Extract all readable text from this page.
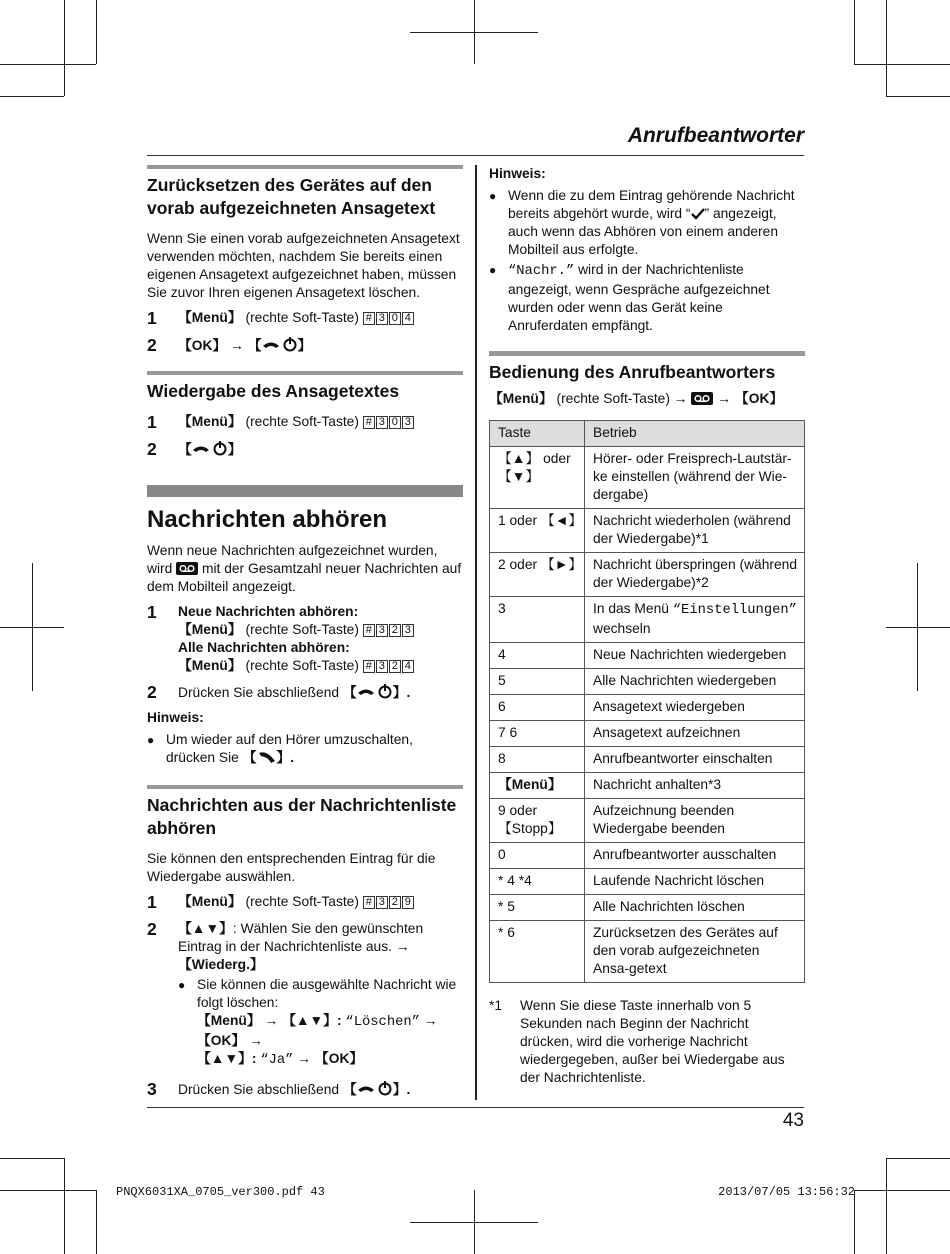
Anrufbeantworter
Zurücksetzen des Gerätes auf den vorab aufgezeichneten Ansagetext

Wenn Sie einen vorab aufgezeichneten Ansagetext verwenden möchten, nachdem Sie bereits einen eigenen Ansagetext aufgezeichnet haben, müssen Sie zuvor Ihren eigenen Ansagetext löschen.

1	【Menü】 (rechte Soft-Taste) # 3 0 4
2	【OK】 → 【	】
Wiedergabe des Ansagetextes
1	【Menü】 (rechte Soft-Taste) # 3 0 3
2	【	】
Nachrichten abhören

Wenn neue Nachrichten aufgezeichnet wurden, wird mit der Gesamtzahl neuer Nachrichten auf dem Mobilteil angezeigt.

1	Neue Nachrichten abhören:
【Menü】 (rechte Soft-Taste) # 3 2 3
Alle Nachrichten abhören:
【Menü】 (rechte Soft-Taste) # 3 2 4
2	Drücken Sie abschließend 【	】.
Hinweis:
● Um wieder auf den Hörer umzuschalten, drücken Sie 【 】.
Nachrichten aus der Nachrichtenliste abhören

Sie können den entsprechenden Eintrag für die Wiedergabe auswählen.

1	【Menü】 (rechte Soft-Taste) # 3 2 9
2	【▲▼】: Wählen Sie den gewünschten Eintrag in der Nachrichtenliste aus. → 【Wiederg.】
● Sie können die ausgewählte Nachricht wie folgt löschen:
【Menü】 → 【▲▼】: “Löschen” → 【OK】 →
【▲▼】: “Ja” → 【OK】
3	Drücken Sie abschließend 【	】.
Hinweis:
● Wenn die zu dem Eintrag gehörende Nachricht bereits abgehört wurde, wird “ ” angezeigt, auch wenn das Abhören von einem anderen Mobilteil aus erfolgte.
● “Nachr.” wird in der Nachrichtenliste angezeigt, wenn Gespräche aufgezeichnet wurden oder wenn das Gerät keine Anruferdaten empfängt.
Bedienung des Anrufbeantworters
【Menü】 (rechte Soft-Taste) → → 【OK】
Taste	Betrieb
【▲】 oder 【▼】	Hörer- oder Freisprech-Lautstär-ke einstellen (während der Wie-dergabe)
1 oder 【◄】	Nachricht wiederholen (während der Wiedergabe)*1
2 oder 【►】	Nachricht überspringen (während der Wiedergabe)*2
3	In das Menü “Einstellungen” wechseln
4	Neue Nachrichten wiedergeben
5	Alle Nachrichten wiedergeben
6	Ansagetext wiedergeben
7 6	Ansagetext aufzeichnen
8	Anrufbeantworter einschalten
【Menü】	Nachricht anhalten*3
9 oder 【Stopp】	Aufzeichnung beenden Wiedergabe beenden
0	Anrufbeantworter ausschalten
* 4 *4	Laufende Nachricht löschen
* 5	Alle Nachrichten löschen
* 6	Zurücksetzen des Gerätes auf den vorab aufgezeichneten Ansa-getext
*1	Wenn Sie diese Taste innerhalb von 5 Sekunden nach Beginn der Nachricht drücken, wird die vorherige Nachricht wiedergegeben, außer bei Wiedergabe aus der Nachrichtenliste.
43
PNQX6031XA_0705_ver300.pdf 43	2013/07/05 13:56:32
